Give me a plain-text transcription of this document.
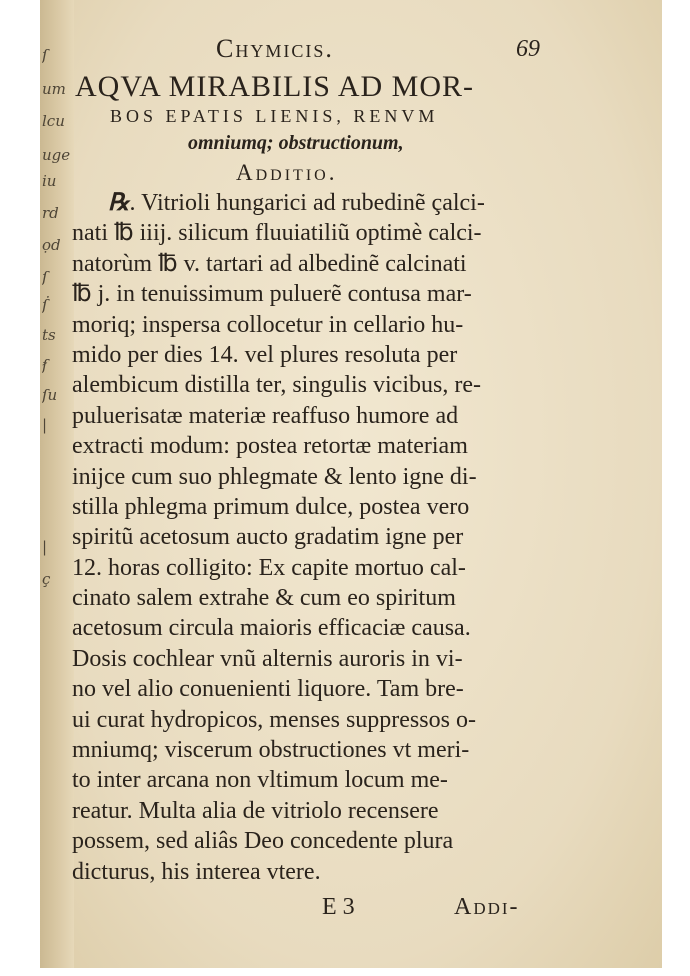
ſ
um
lcu
uge
iu
rd
ọd
ſ
ẛ
ts
ẜ
ſu
|
|
ç
Chymicis.	69
AQVA MIRABILIS AD MOR-
BOS EPATIS LIENIS, RENVM
omniumq; obstructionum,
Additio.
℞. Vitrioli hungarici ad rubedinẽ çalci-
nati ℔ iiij. silicum fluuiatiliũ optimè calci-
natorùm ℔ v. tartari ad albedinẽ calcinati
℔ j. in tenuissimum puluerẽ contusa mar-
moriq; inspersa collocetur in cellario hu-
mido per dies 14. vel plures resoluta per
alembicum distilla ter, singulis vicibus, re-
puluerisatæ materiæ reaffuso humore ad
extracti modum: postea retortæ materiam
inijce cum suo phlegmate & lento igne di-
stilla phlegma primum dulce, postea vero
spiritũ acetosum aucto gradatim igne per
12. horas colligito: Ex capite mortuo cal-
cinato salem extrahe & cum eo spiritum
acetosum circula maioris efficaciæ causa.
Dosis cochlear vnũ alternis auroris in vi-
no vel alio conuenienti liquore. Tam bre-
ui curat hydropicos, menses suppressos o-
mniumq; viscerum obstructiones vt meri-
to inter arcana non vltimum locum me-
reatur. Multa alia de vitriolo recensere
possem, sed aliâs Deo concedente plura
dicturus, his interea vtere.
E 3	Addi-
